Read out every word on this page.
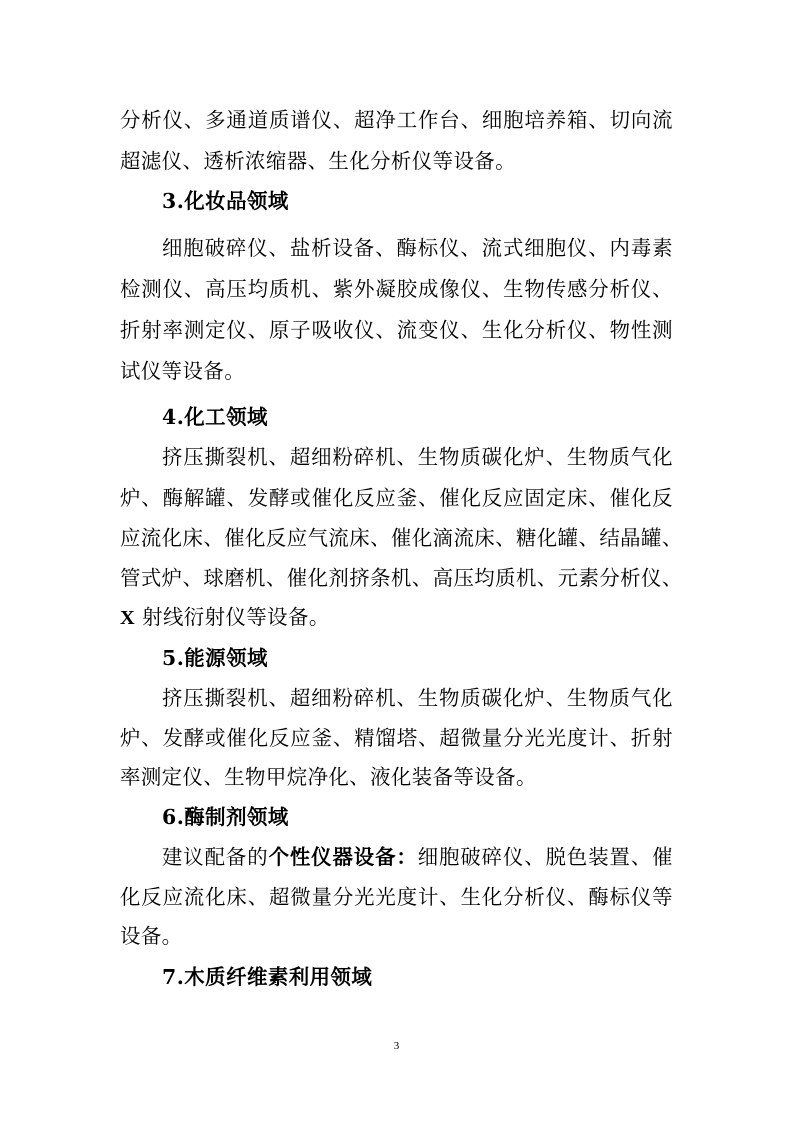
分析仪、多通道质谱仪、超净工作台、细胞培养箱、切向流
超滤仪、透析浓缩器、生化分析仪等设备。
3.化妆品领域
细胞破碎仪、盐析设备、酶标仪、流式细胞仪、内毒素
检测仪、高压均质机、紫外凝胶成像仪、生物传感分析仪、
折射率测定仪、原子吸收仪、流变仪、生化分析仪、物性测
试仪等设备。
4.化工领域
挤压撕裂机、超细粉碎机、生物质碳化炉、生物质气化
炉、酶解罐、发酵或催化反应釜、催化反应固定床、催化反
应流化床、催化反应气流床、催化滴流床、糖化罐、结晶罐、
管式炉、球磨机、催化剂挤条机、高压均质机、元素分析仪、
X 射线衍射仪等设备。
5.能源领域
挤压撕裂机、超细粉碎机、生物质碳化炉、生物质气化
炉、发酵或催化反应釜、精馏塔、超微量分光光度计、折射
率测定仪、生物甲烷净化、液化装备等设备。
6.酶制剂领域
建议配备的个性仪器设备：细胞破碎仪、脱色装置、催
化反应流化床、超微量分光光度计、生化分析仪、酶标仪等
设备。
7.木质纤维素利用领域
3
